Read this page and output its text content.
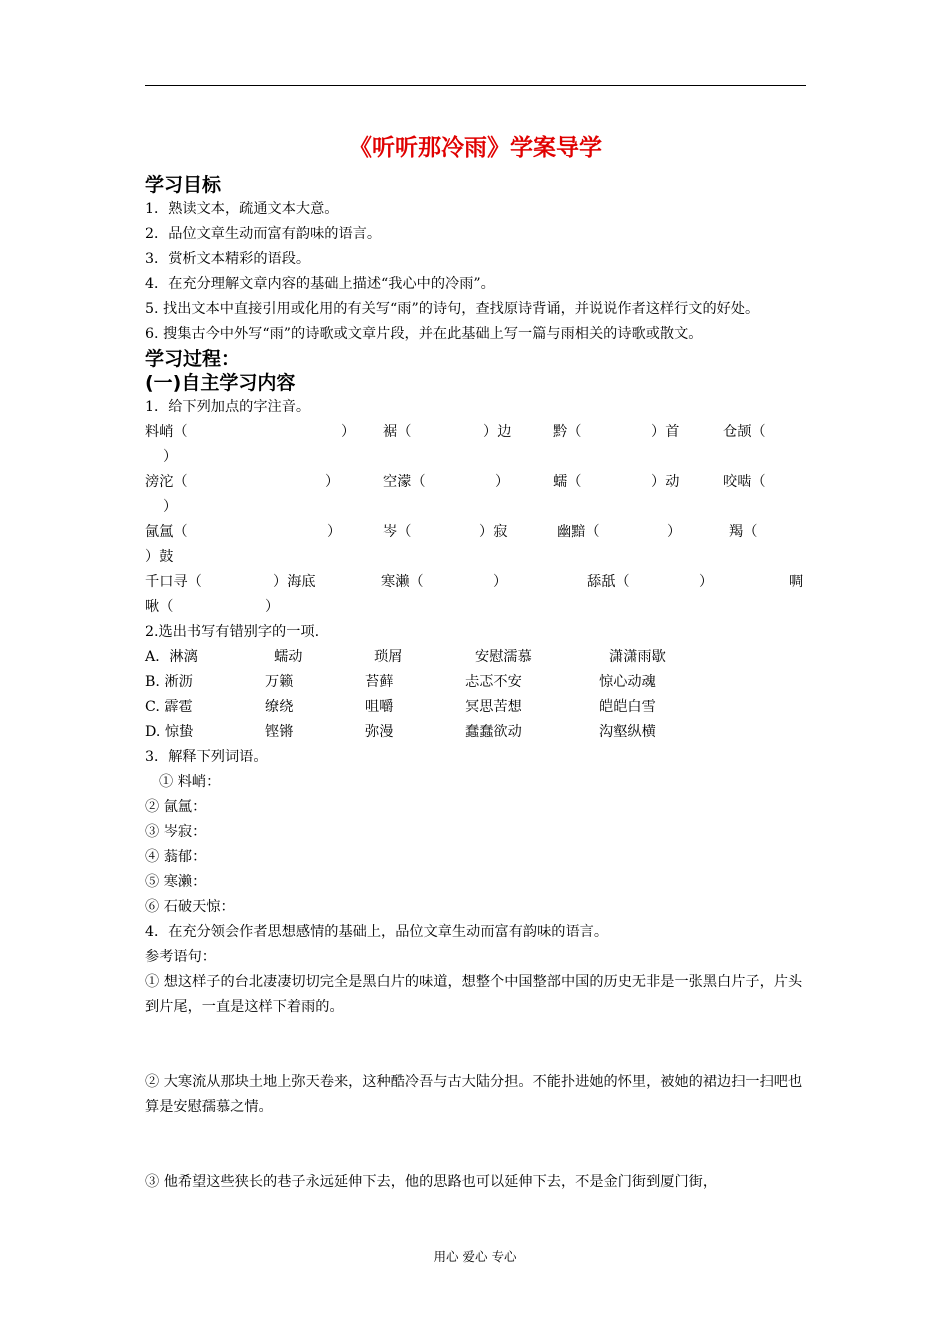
《听听那冷雨》学案导学
学习目标
1．熟读文本，疏通文本大意。
2．品位文章生动而富有韵味的语言。
3．赏析文本精彩的语段。
4．在充分理解文章内容的基础上描述“我心中的冷雨”。
5. 找出文本中直接引用或化用的有关写“雨”的诗句，查找原诗背诵，并说说作者这样行文的好处。
6. 搜集古今中外写“雨”的诗歌或文章片段，并在此基础上写一篇与雨相关的诗歌或散文。
学习过程：
(一)自主学习内容
1．给下列加点的字注音。
料峭（	）	裾（	）边	黔（	）首	仓颉（
）
滂沱（	）	空濛（	）	蠕（	）动	咬啮（
）
氤氲（	）	岑（	）寂	幽黯（	）	羯（
）鼓
千口寻（	）海底	寒濑（	）	舔舐（	）	啁
啾（	）
2.选出书写有错别字的一项.
A．淋漓	蠕动	琐屑	安慰濡慕	潇潇雨歇
B. 淅沥	万籁	苔藓	忐忑不安	惊心动魂
C. 霹雹	缭绕	咀嚼	冥思苦想	皑皑白雪
D. 惊蛰	铿锵	弥漫	蠢蠢欲动	沟壑纵横
3．解释下列词语。
① 料峭：
② 氤氲：
③ 岑寂：
④ 蓊郁：
⑤ 寒濑：
⑥ 石破天惊：
4．在充分领会作者思想感情的基础上，品位文章生动而富有韵味的语言。
参考语句：
① 想这样子的台北凄凄切切完全是黑白片的味道，想整个中国整部中国的历史无非是一张黑白片子，片头到片尾，一直是这样下着雨的。
② 大寒流从那块土地上弥天卷来，这种酷冷吾与古大陆分担。不能扑进她的怀里，被她的裙边扫一扫吧也算是安慰孺慕之情。
③ 他希望这些狭长的巷子永远延伸下去，他的思路也可以延伸下去，不是金门街到厦门街，
用心 爱心 专心
